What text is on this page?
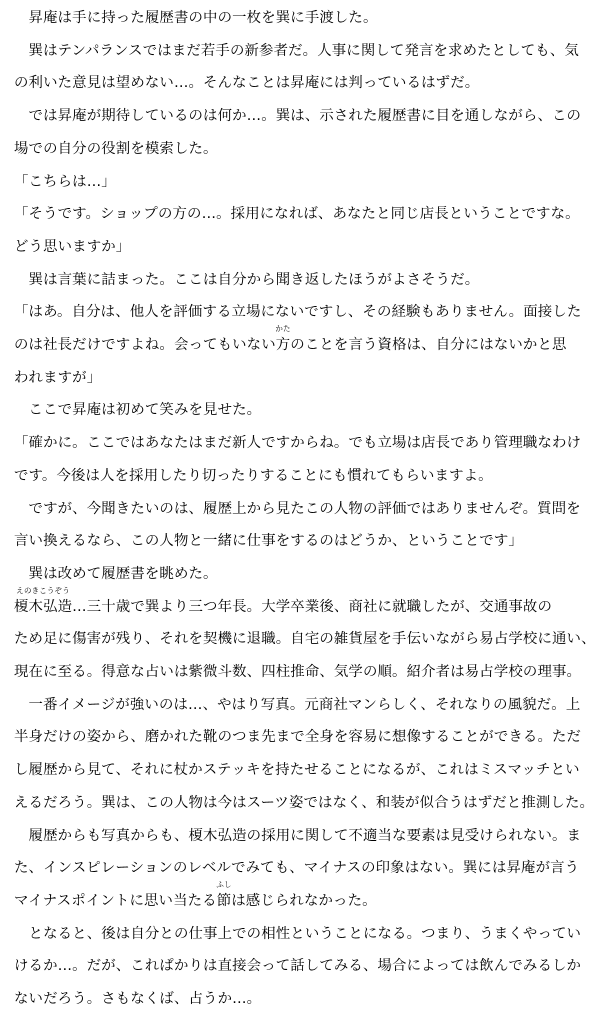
　昇庵は手に持った履歴書の中の一枚を巽に手渡した。
　巽はテンパランスではまだ若手の新参者だ。人事に関して発言を求めたとしても、気
の利いた意見は望めない…。そんなことは昇庵には判っているはずだ。
　では昇庵が期待しているのは何か…。巽は、示された履歴書に目を通しながら、この
場での自分の役割を模索した。
「こちらは…」
「そうです。ショップの方の…。採用になれば、あなたと同じ店長ということですな。
どう思いますか」
　巽は言葉に詰まった。ここは自分から聞き返したほうがよさそうだ。
「はあ。自分は、他人を評価する立場にないですし、その経験もありません。面接した
のは社長だけですよね。会ってもいない方
かた
のことを言う資格は、自分にはないかと思
われますが」
　ここで昇庵は初めて笑みを見せた。
「確かに。ここではあなたはまだ新人ですからね。でも立場は店長であり管理職なわけ
です。今後は人を採用したり切ったりすることにも慣れてもらいますよ。
　ですが、今聞きたいのは、履歴上から見たこの人物の評価ではありませんぞ。質問を
言い換えるなら、この人物と一緒に仕事をするのはどうか、ということです」
　巽は改めて履歴書を眺めた。
榎木弘造
えのきこうぞう
…三十歳で巽より三つ年長。大学卒業後、商社に就職したが、交通事故の
ため足に傷害が残り、それを契機に退職。自宅の雑貨屋を手伝いながら易占学校に通い、
現在に至る。得意な占いは紫微斗数、四柱推命、気学の順。紹介者は易占学校の理事。
　一番イメージが強いのは…、やはり写真。元商社マンらしく、それなりの風貌だ。上
半身だけの姿から、磨かれた靴のつま先まで全身を容易に想像することができる。ただ
し履歴から見て、それに杖かステッキを持たせることになるが、これはミスマッチとい
えるだろう。巽は、この人物は今はスーツ姿ではなく、和装が似合うはずだと推測した。
　履歴からも写真からも、榎木弘造の採用に関して不適当な要素は見受けられない。ま
た、インスピレーションのレベルでみても、マイナスの印象はない。巽には昇庵が言う
マイナスポイントに思い当たる節
ふし
は感じられなかった。
　となると、後は自分との仕事上での相性ということになる。つまり、うまくやってい
けるか…。だが、これぱかりは直接会って話してみる、場合によっては飲んでみるしか
ないだろう。さもなくば、占うか…。
